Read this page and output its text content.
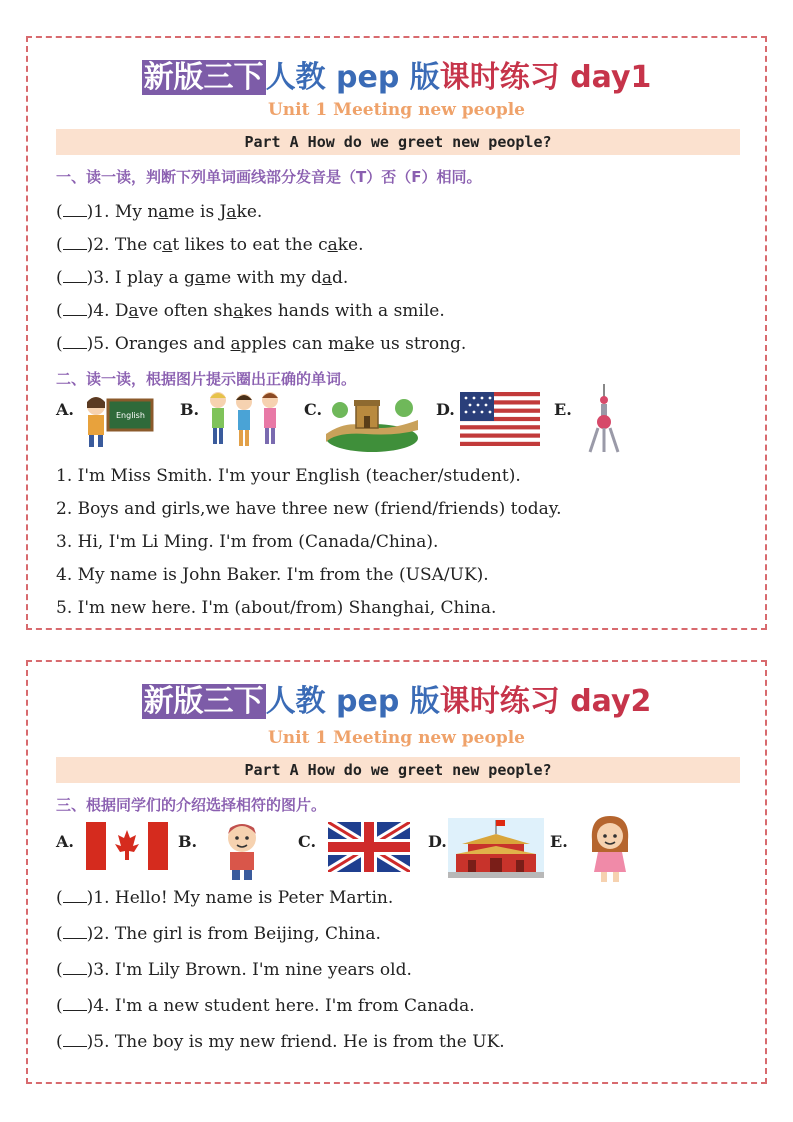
新版三下人教 pep 版课时练习 day1
Unit 1 Meeting new people
Part A How do we greet new people?
一、读一读，判断下列单词画线部分发音是（T）否（F）相同。
( )1. My name is Jake.
( )2. The cat likes to eat the cake.
( )3. I play a game with my dad.
( )4. Dave often shakes hands with a smile.
( )5. Oranges and apples can make us strong.
二、读一读，根据图片提示圈出正确的单词。
A.	English B.	C.	D.	E.
1. I'm Miss Smith. I'm your English (teacher/student).
2. Boys and girls,we have three new (friend/friends) today.
3. Hi, I'm Li Ming. I'm from (Canada/China).
4. My name is John Baker. I'm from the (USA/UK).
5. I'm new here. I'm (about/from) Shanghai, China.
新版三下人教 pep 版课时练习 day2
Unit 1 Meeting new people
Part A How do we greet new people?
三、根据同学们的介绍选择相符的图片。
A.	B.	C.	D.	E.
( )1. Hello! My name is Peter Martin.
( )2. The girl is from Beijing, China.
( )3. I'm Lily Brown. I'm nine years old.
( )4. I'm a new student here. I'm from Canada.
( )5. The boy is my new friend. He is from the UK.
